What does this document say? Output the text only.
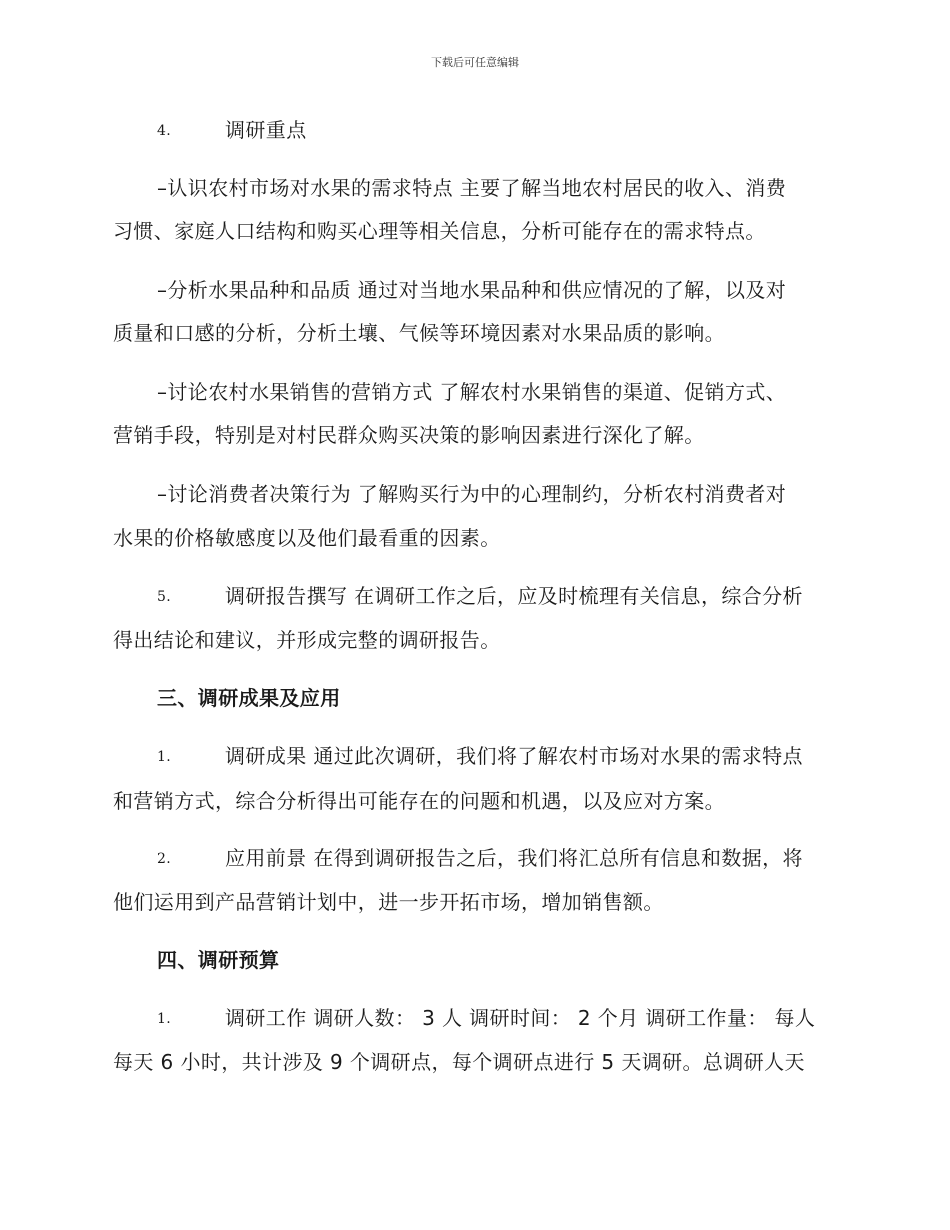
下载后可任意编辑
4.	调研重点
–认识农村市场对水果的需求特点 主要了解当地农村居民的收入、消费
习惯、家庭人口结构和购买心理等相关信息，分析可能存在的需求特点。
–分析水果品种和品质 通过对当地水果品种和供应情况的了解，以及对
质量和口感的分析，分析土壤、气候等环境因素对水果品质的影响。
–讨论农村水果销售的营销方式 了解农村水果销售的渠道、促销方式、
营销手段，特别是对村民群众购买决策的影响因素进行深化了解。
–讨论消费者决策行为 了解购买行为中的心理制约，分析农村消费者对
水果的价格敏感度以及他们最看重的因素。
5.	调研报告撰写 在调研工作之后，应及时梳理有关信息，综合分析
得出结论和建议，并形成完整的调研报告。
三、调研成果及应用
1.	调研成果 通过此次调研，我们将了解农村市场对水果的需求特点
和营销方式，综合分析得出可能存在的问题和机遇，以及应对方案。
2.	应用前景 在得到调研报告之后，我们将汇总所有信息和数据，将
他们运用到产品营销计划中，进一步开拓市场，增加销售额。
四、调研预算
1.	调研工作 调研人数： 3 人 调研时间： 2 个月 调研工作量： 每人
每天 6 小时，共计涉及 9 个调研点，每个调研点进行 5 天调研。总调研人天
